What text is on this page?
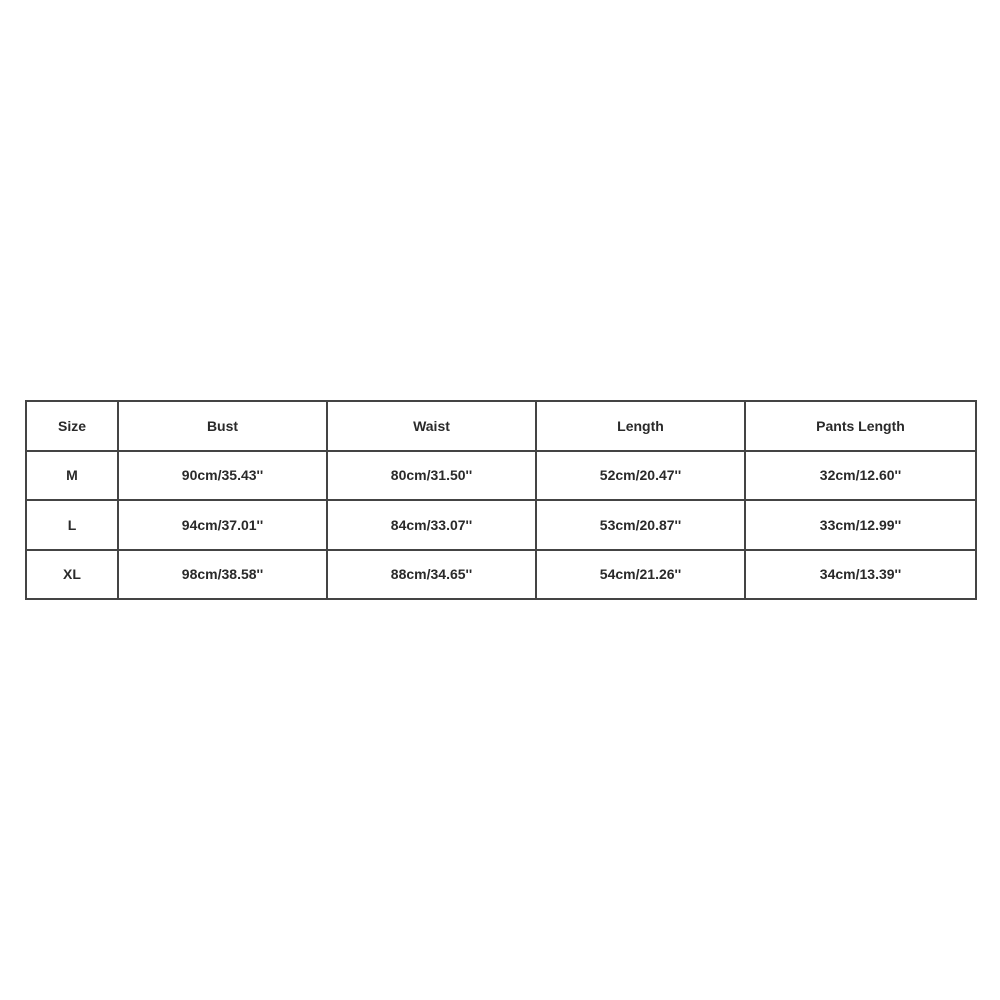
Size	Bust	Waist	Length	Pants Length
M	90cm/35.43''	80cm/31.50''	52cm/20.47''	32cm/12.60''
L	94cm/37.01''	84cm/33.07''	53cm/20.87''	33cm/12.99''
XL	98cm/38.58''	88cm/34.65''	54cm/21.26''	34cm/13.39''
